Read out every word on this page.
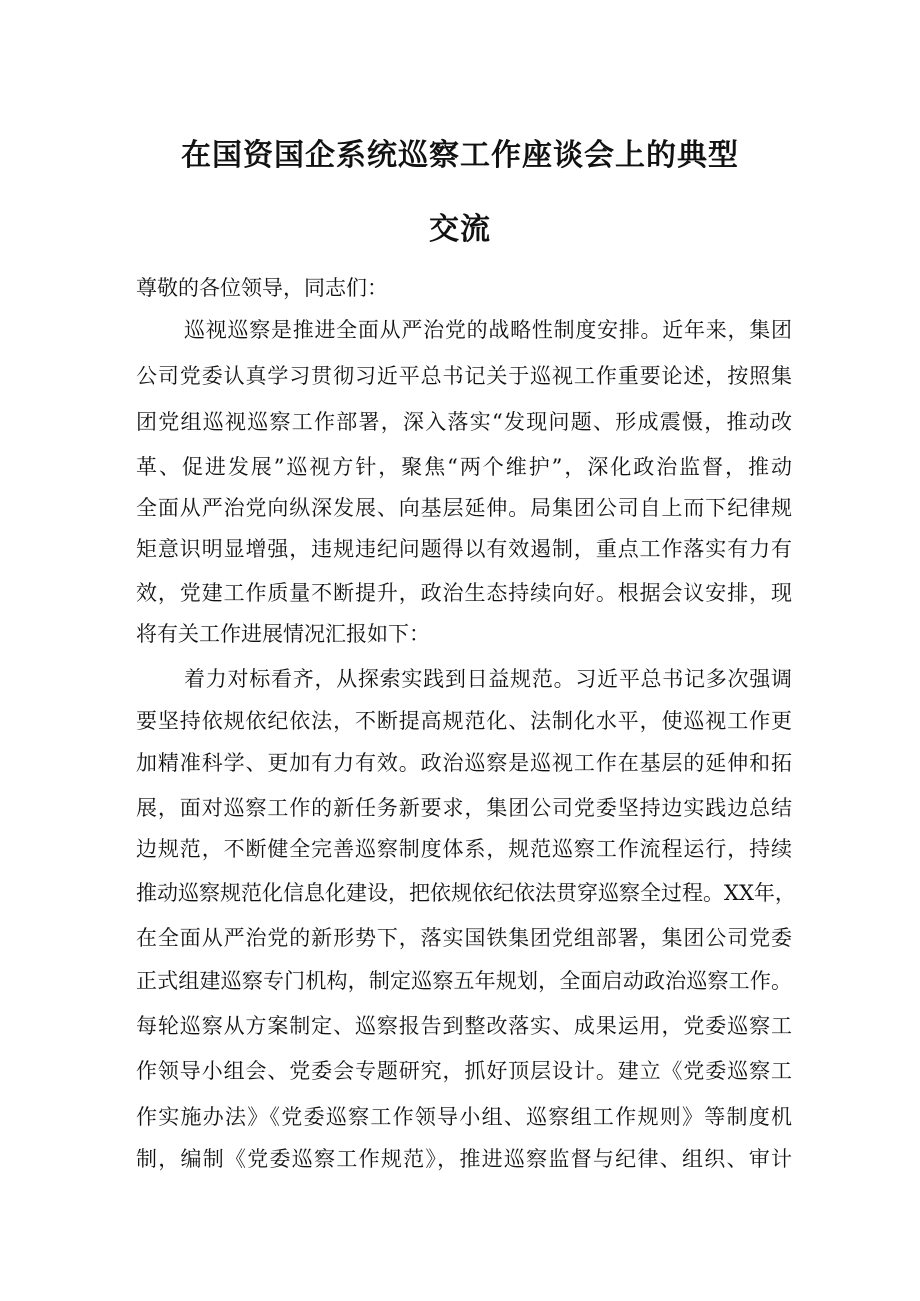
在国资国企系统巡察工作座谈会上的典型
交流
尊敬的各位领导，同志们：
巡视巡察是推进全面从严治党的战略性制度安排。近年来，集团
公司党委认真学习贯彻习近平总书记关于巡视工作重要论述，按照集
团党组巡视巡察工作部署，深入落实“发现问题、形成震慑，推动改
革、促进发展”巡视方针，聚焦“两个维护”，深化政治监督，推动
全面从严治党向纵深发展、向基层延伸。局集团公司自上而下纪律规
矩意识明显增强，违规违纪问题得以有效遏制，重点工作落实有力有
效，党建工作质量不断提升，政治生态持续向好。根据会议安排，现
将有关工作进展情况汇报如下：
着力对标看齐，从探索实践到日益规范。习近平总书记多次强调
要坚持依规依纪依法，不断提高规范化、法制化水平，使巡视工作更
加精准科学、更加有力有效。政治巡察是巡视工作在基层的延伸和拓
展，面对巡察工作的新任务新要求，集团公司党委坚持边实践边总结
边规范，不断健全完善巡察制度体系，规范巡察工作流程运行，持续
推动巡察规范化信息化建设，把依规依纪依法贯穿巡察全过程。XX年，
在全面从严治党的新形势下，落实国铁集团党组部署，集团公司党委
正式组建巡察专门机构，制定巡察五年规划，全面启动政治巡察工作。
每轮巡察从方案制定、巡察报告到整改落实、成果运用，党委巡察工
作领导小组会、党委会专题研究，抓好顶层设计。建立《党委巡察工
作实施办法》《党委巡察工作领导小组、巡察组工作规则》等制度机
制，编制《党委巡察工作规范》，推进巡察监督与纪律、组织、审计
